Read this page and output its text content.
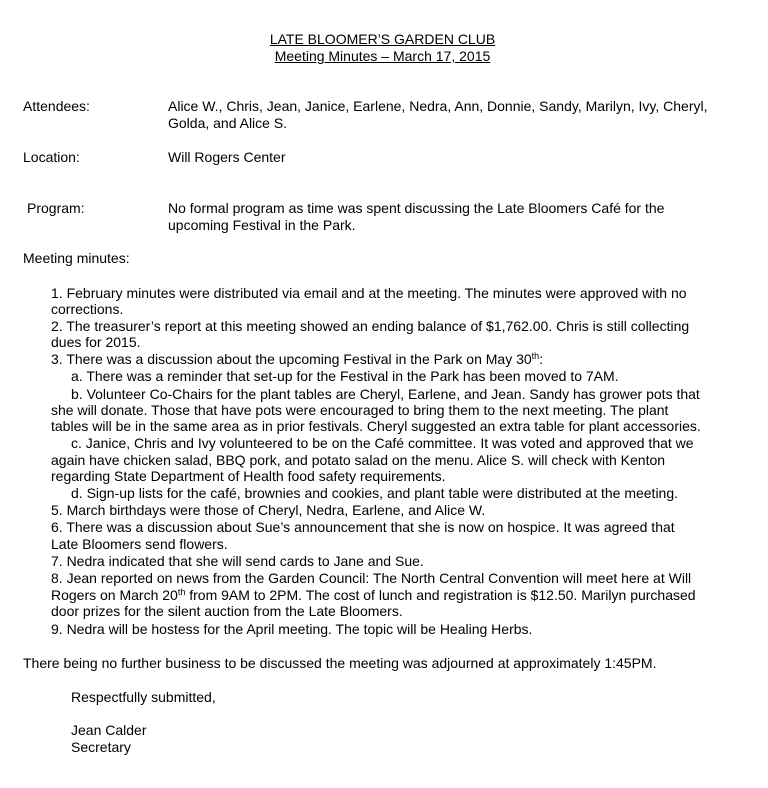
LATE BLOOMER’S GARDEN CLUB
Meeting Minutes – March 17, 2015
Attendees:	Alice W., Chris, Jean, Janice, Earlene, Nedra, Ann, Donnie, Sandy, Marilyn, Ivy, Cheryl,
Golda, and Alice S.
Location:	Will Rogers Center
Program:	No formal program as time was spent discussing the Late Bloomers Café for the
upcoming Festival in the Park.
Meeting minutes:
1. February minutes were distributed via email and at the meeting. The minutes were approved with no
corrections.
2. The treasurer’s report at this meeting showed an ending balance of $1,762.00. Chris is still collecting
dues for 2015.
3. There was a discussion about the upcoming Festival in the Park on May 30th:
a. There was a reminder that set-up for the Festival in the Park has been moved to 7AM.
b. Volunteer Co-Chairs for the plant tables are Cheryl, Earlene, and Jean. Sandy has grower pots that
she will donate. Those that have pots were encouraged to bring them to the next meeting. The plant
tables will be in the same area as in prior festivals. Cheryl suggested an extra table for plant accessories.
c. Janice, Chris and Ivy volunteered to be on the Café committee. It was voted and approved that we
again have chicken salad, BBQ pork, and potato salad on the menu. Alice S. will check with Kenton
regarding State Department of Health food safety requirements.
d. Sign-up lists for the café, brownies and cookies, and plant table were distributed at the meeting.
5. March birthdays were those of Cheryl, Nedra, Earlene, and Alice W.
6. There was a discussion about Sue’s announcement that she is now on hospice. It was agreed that
Late Bloomers send flowers.
7. Nedra indicated that she will send cards to Jane and Sue.
8. Jean reported on news from the Garden Council: The North Central Convention will meet here at Will
Rogers on March 20th from 9AM to 2PM. The cost of lunch and registration is $12.50. Marilyn purchased
door prizes for the silent auction from the Late Bloomers.
9. Nedra will be hostess for the April meeting. The topic will be Healing Herbs.
There being no further business to be discussed the meeting was adjourned at approximately 1:45PM.
Respectfully submitted,
Jean Calder
Secretary
